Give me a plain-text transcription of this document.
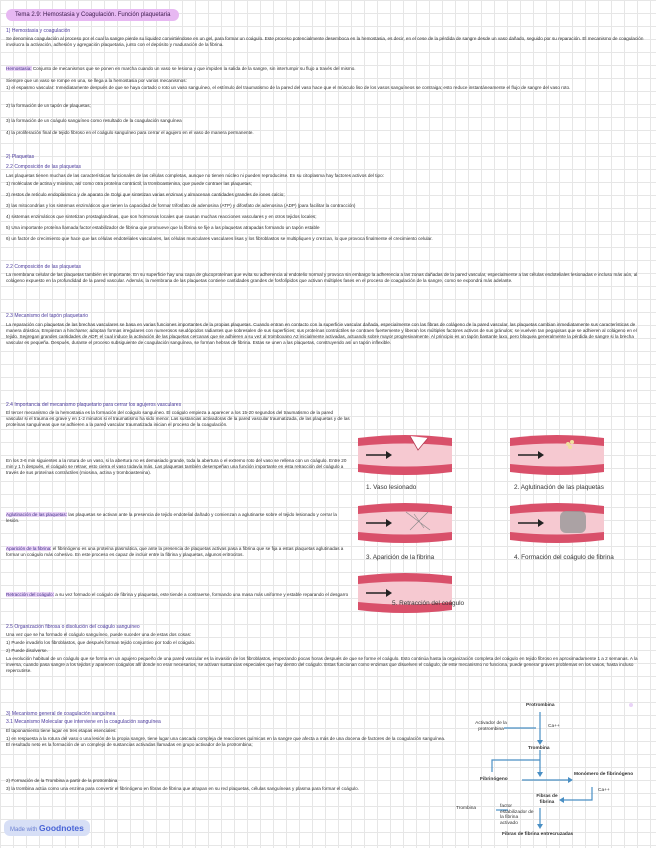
Tema 2.9: Hemostasia y Coagulación. Función plaquetaria
1) Hemostasia y coagulación
Se denomina coagulación al proceso por el cual la sangre pierde su liquidez convirtiéndose en un gel, para formar un coágulo. Este proceso potencialmente desemboca en la hemostasia, es decir, en el cese de la pérdida de sangre desde un vaso dañado, seguido por su reparación. El mecanismo de coagulación involucra la activación, adhesión y agregación plaquetaria, junto con el depósito y maduración de la fibrina.
Hemostasia: Conjunto de mecanismos que se ponen en marcha cuando un vaso se lesiona y que impiden la salida de la sangre, sin interrumpir su flujo a través del mismo.
Siempre que un vaso se rompe en una, se llega a la hemostasia por varios mecanismos:
1) el espasmo vascular: Inmediatamente después de que se haya cortado o roto un vaso sanguíneo, el estímulo del traumatismo de la pared del vaso hace que el músculo liso de los vasos sanguíneos se contraiga; esto reduce instantáneamente el flujo de sangre del vaso roto.
2) la formación de un tapón de plaquetas;
3) la formación de un coágulo sanguíneo como resultado de la coagulación sanguínea
4) la proliferación final de tejido fibroso en el coágulo sanguíneo para cerrar el agujero en el vaso de manera permanente.
2) Plaquetas
2.2 Composición de las plaquetas
Las plaquetas tienen muchas de las características funcionales de las células completas, aunque no tienen núcleo ni pueden reproducirse. En su citoplasma hay factores activos del tipo:
1) moléculas de actina y miosina, así como otra proteína contráctil, la tromboastenina, que puede contraer las plaquetas;
2) restos de retículo endoplásmico y de aparato de Golgi que sintetizan varias enzimas y almacenan cantidades grandes de iones calcio;
3) las mitocondrias y los sistemas enzimáticos que tienen la capacidad de formar trifosfato de adenosina (ATP) y difosfato de adenosina (ADP) (para facilitar la contracción)
4) sistemas enzimáticos que sintetizan prostaglandinas, que son hormonas locales que causan muchas reacciones vasculares y en otros tejidos locales;
5) Una importante proteína llamada factor estabilizador de fibrina que promueve que la fibrina se fije a las plaquetas atrapadas formando un tapón estable
6) un factor de crecimiento que hace que las células endoteliales vasculares, las células musculares vasculares lisas y los fibroblastos se multipliquen y crezcan, lo que provoca finalmente el crecimiento celular.
2.2 Composición de las plaquetas
La membrana celular de las plaquetas también es importante. En su superficie hay una capa de glucoproteínas que evita su adherencia al endotelio normal y provoca sin embargo la adherencia a las zonas dañadas de la pared vascular, especialmente a las células endoteliales lesionadas e incluso más aún, al colágeno expuesto en la profundidad de la pared vascular. Además, la membrana de las plaquetas contiene cantidades grandes de fosfolípidos que activan múltiples fases en el proceso de coagulación de la sangre, como se expondrá más adelante.
2.3 Mecanismo del tapón plaquetario
La reparación con plaquetas de las brechas vasculares se basa en varias funciones importantes de la propias plaquetas. Cuando entran en contacto con la superficie vascular dañada, especialmente con las fibras de colágeno de la pared vascular, las plaquetas cambian inmediatamente sus características de manera drástica. Empiezan a hincharse; adoptan formas irregulares con numerosos seudópodos radiantes que sobresalen de sus superficies; sus proteínas contráctiles se contraen fuertemente y liberan los múltiples factores activos de sus gránulos; se vuelven tan pegajosas que se adhieren al colágeno en el tejido. Segregan grandes cantidades de ADP, el cual induce la activación de las plaquetas cercanas que se adhieren a su vez al tromboxano A2 inicialmente activadas, actuando sobre mayor progresivamente. Al principio es un tapón bastante laxo, pero bloquea generalmente la pérdida de sangre si la brecha vascular es pequeña. Después, durante el proceso subsiguiente de coagulación sanguínea, se forman hebras de fibrina. Estas se unen a las plaquetas, construyendo así un tapón inflexible.
2.4 Importancia del mecanismo plaquetario para cerrar los agujeros vasculares
El tercer mecanismo de la hemostasia es la formación del coágulo sanguíneo. El coágulo empieza a aparecer a los 15-20 segundos del traumatismo de la pared vascular si el trauma es grave y en 1-2 minutos si el traumatismo ha sido menor. Las sustancias activadoras de la pared vascular traumatizada, de las plaquetas y de las proteínas sanguíneas que se adhieren a la pared vascular traumatizada inician el proceso de la coagulación.
En los 3-6 min siguientes a la rotura de un vaso, si la abertura no es demasiado grande, toda la abertura o el extremo roto del vaso se rellena con un coágulo. Entre 20 min y 1 h después, el coágulo se retrae; esto cierra el vaso todavía más. Las plaquetas también desempeñan una función importante en esta retracción del coágulo a través de sus proteínas contráctiles (miosina, actina y tromboastenina).
Aglutinación de las plaquetas: las plaquetas se activan ante la presencia de tejido endotelial dañado y comienzan a aglutinarse sobre el tejido lesionado y cerrar la lesión.
Aparición de la fibrina: el fibrinógeno es una proteína plasmática, que ante la presencia de plaquetas activas pasa a fibrina que se fija a estas plaquetas aglutinadas a formar un coágulo más cohesivo. En este proceso es capaz de incluir entre la fibrina y plaquetas, algunos eritrocitos.
Retracción del coágulo: a su vez formado el coágulo de fibrina y plaquetas, este tiende a contraerse, formando una masa más uniforme y estable reparando el desgarro
1. Vaso lesionado	2. Aglutinación de las plaquetas
3. Aparición de la fibrina	4. Formación del coágulo de fibrina
5. Retracción del coágulo
2.5 Organización fibrosa o disolución del coágulo sanguíneo
Una vez que se ha formado el coágulo sanguíneo, puede suceder una de estas dos cosas:
1) Puede invadirlo los fibroblastos, que después forman tejido conjuntivo por todo el coágulo.
2) Puede disolverse.
La evolución habitual de un coágulo que se forma en un agujero pequeño de una pared vascular es la invasión de los fibroblastos, empezando pocas horas después de que se forme el coágulo. Esto continúa hasta la organización completa del coágulo en tejido fibroso en aproximadamente 1 a 2 semanas. A la inversa, cuando pasa sangre a los tejidos y aparecen coágulos allí donde no eran necesarios, se activan sustancias especiales que hay dentro del coágulo. Estas funcionan como enzimas que disuelven el coágulo, de este mecanismo no funciona, puede generar graves problemas en los vasos, hasta incluso repercutirse.
3) Mecanismo general de coagulación sanguínea
3.1 Mecanismo Molecular que interviene en la coagulación sanguínea
El taponamiento tiene lugar en tres etapas esenciales:
1) en respuesta a la rotura del vaso o una lesión de la propia sangre, tiene lugar una cascada compleja de reacciones químicas en la sangre que afecta a más de una docena de factores de la coagulación sanguínea. El resultado neto es la formación de un complejo de sustancias activadas llamadas en grupo activador de la protrombina;
2) Formación de la Trombina a partir de la protrombina
3) la trombina actúa como una enzima para convertir el fibrinógeno en fibras de fibrina que atrapan en su red plaquetas, células sanguíneas y plasma para formar el coágulo.
Protrombina
Activador de la protrombina	Ca++
Trombina
Fibrinógeno
Monómero de fibrinógeno
Ca++
Fibras de fibrina
Trombina	factor estabilizador de la fibrina activado
Fibras de fibrina entrecruzadas
Made with Goodnotes
